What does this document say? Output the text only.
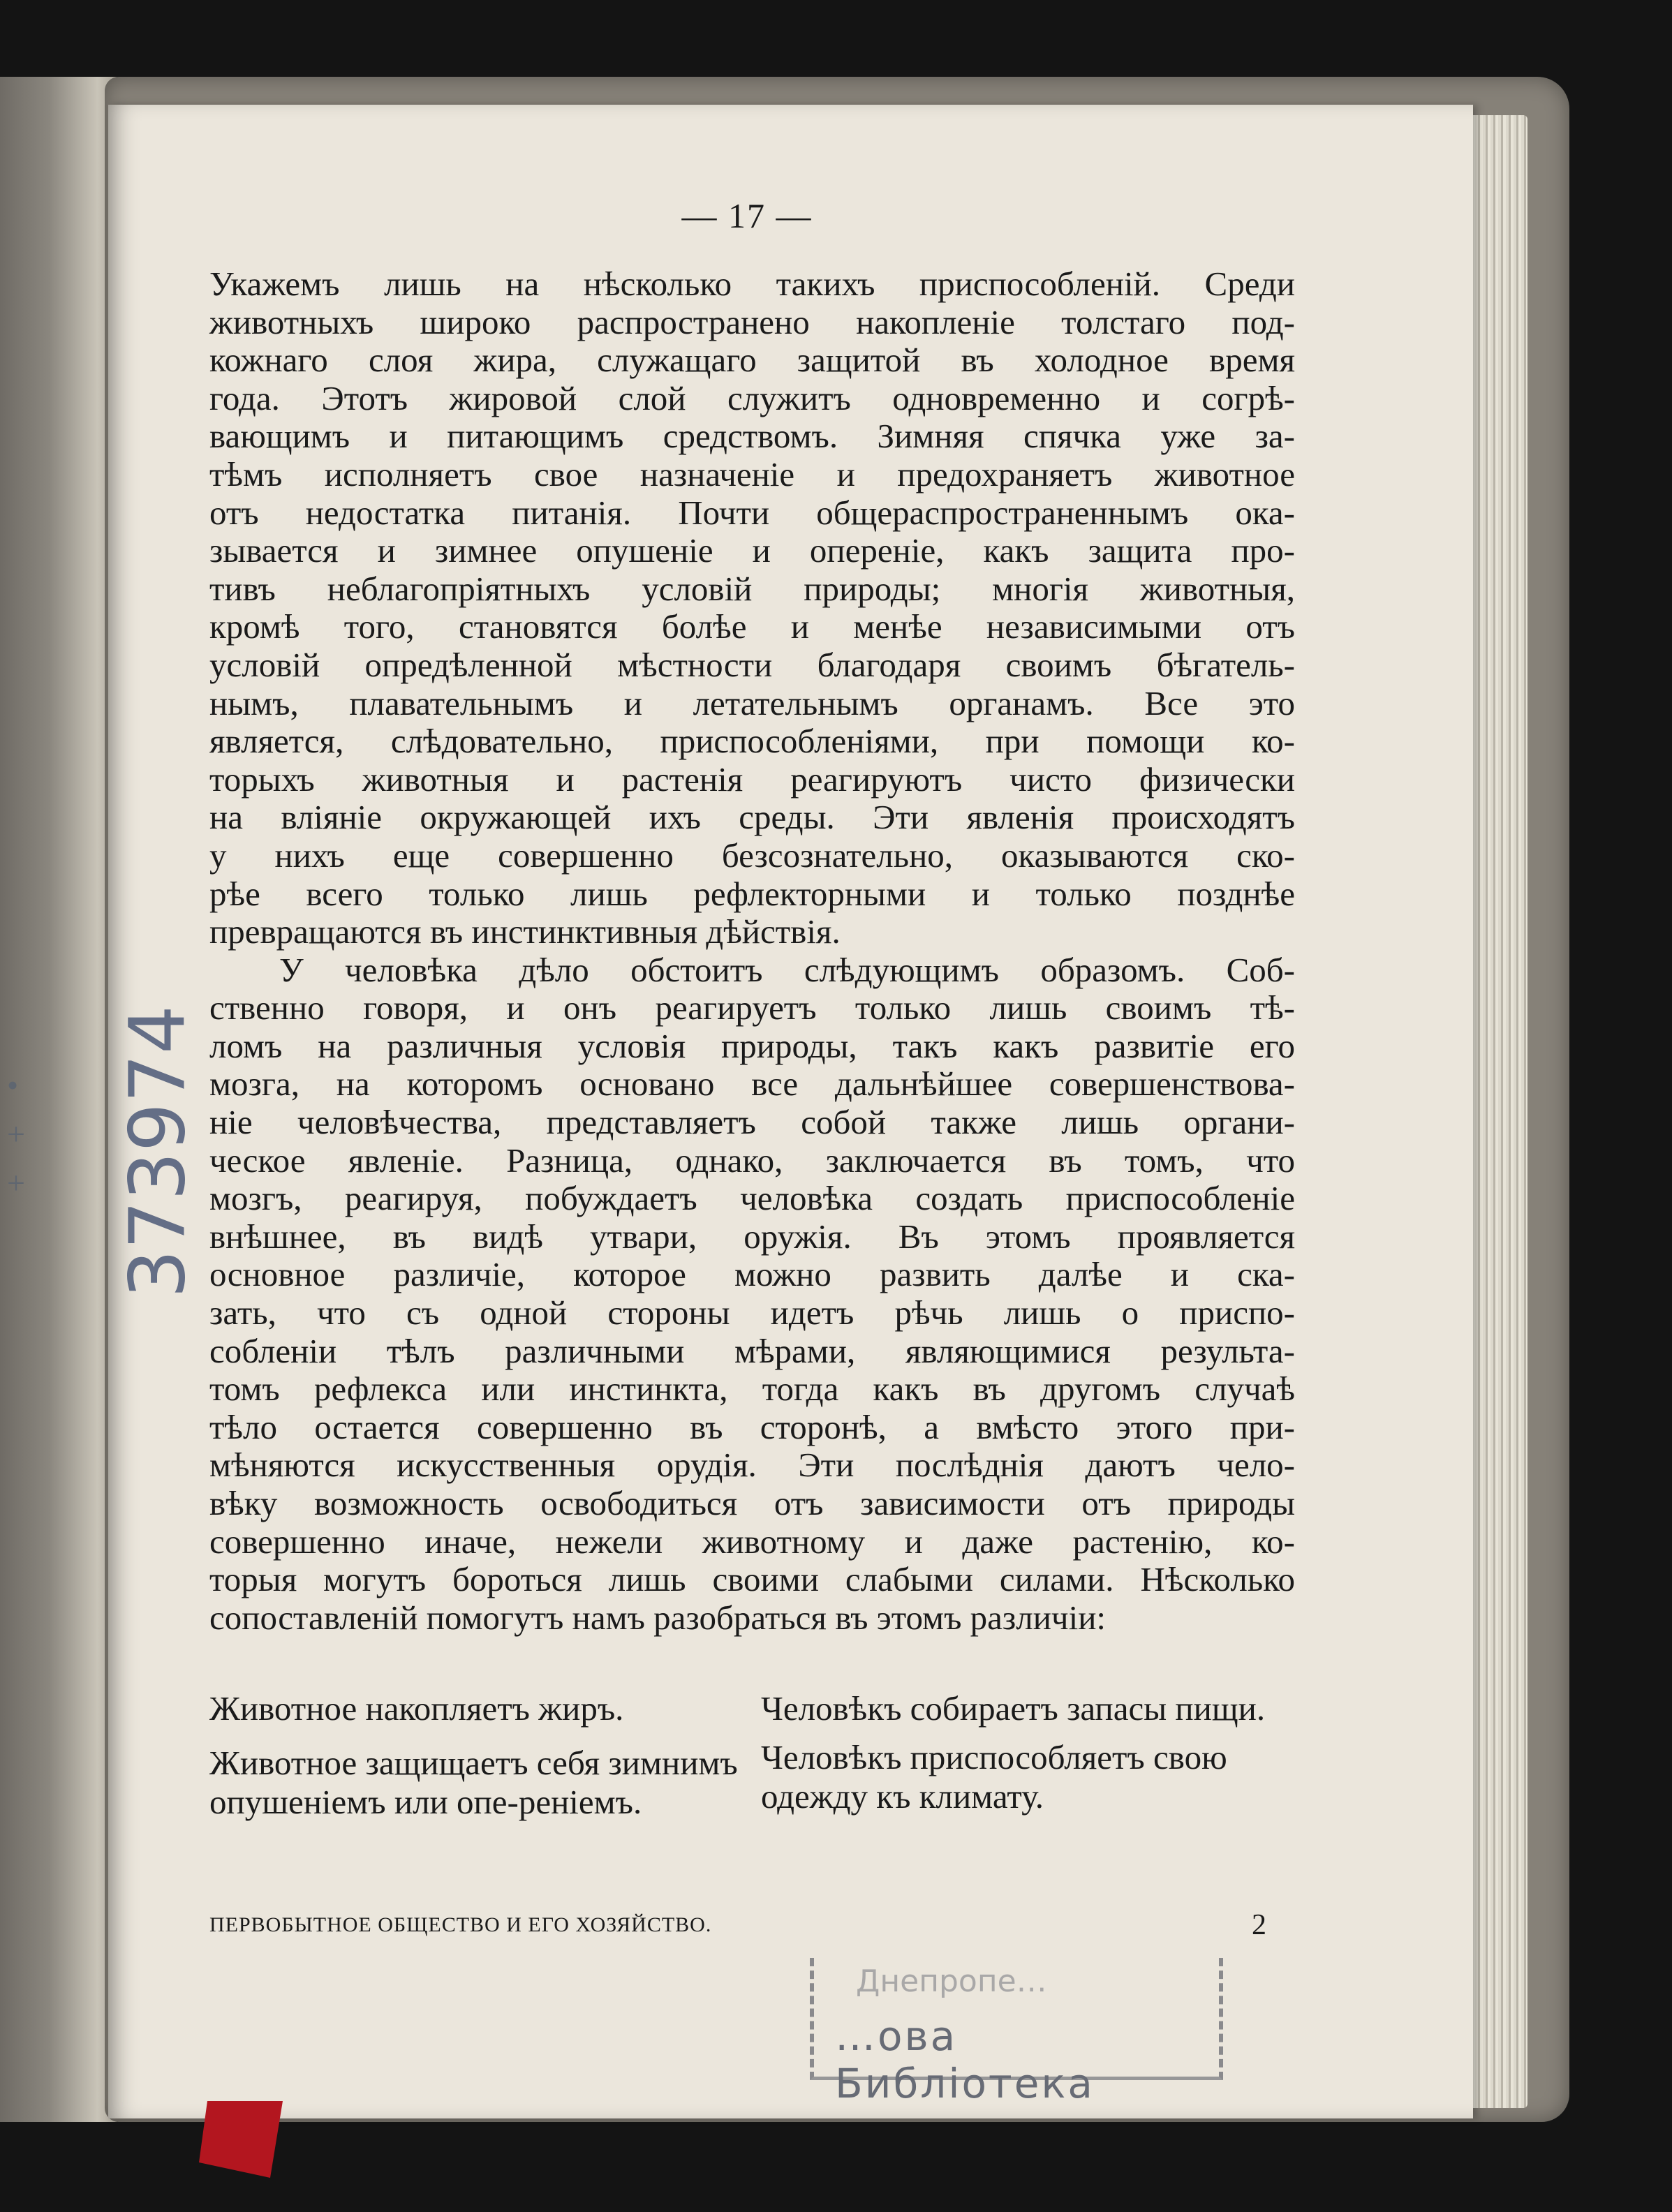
•
+
+	373974
— 17 —
Укажемъ лишь на нѣсколько такихъ приспособленій. Среди
животныхъ широко распространено накопленіе толстаго под-
кожнаго слоя жира, служащаго защитой въ холодное время
года. Этотъ жировой слой служитъ одновременно и согрѣ-
вающимъ и питающимъ средствомъ. Зимняя спячка уже за-
тѣмъ исполняетъ свое назначеніе и предохраняетъ животное
отъ недостатка питанія. Почти общераспространеннымъ ока-
зывается и зимнее опушеніе и опереніе, какъ защита про-
тивъ неблагопріятныхъ условій природы; многія животныя,
кромѣ того, становятся болѣе и менѣе независимыми отъ
условій опредѣленной мѣстности благодаря своимъ бѣгатель-
нымъ, плавательнымъ и летательнымъ органамъ. Все это
является, слѣдовательно, приспособленіями, при помощи ко-
торыхъ животныя и растенія реагируютъ чисто физически
на вліяніе окружающей ихъ среды. Эти явленія происходятъ
у нихъ еще совершенно безсознательно, оказываются ско-
рѣе всего только лишь рефлекторными и только позднѣе
превращаются въ инстинктивныя дѣйствія.
У человѣка дѣло обстоитъ слѣдующимъ образомъ. Соб-
ственно говоря, и онъ реагируетъ только лишь своимъ тѣ-
ломъ на различныя условія природы, такъ какъ развитіе его
мозга, на которомъ основано все дальнѣйшее совершенствова-
ніе человѣчества, представляетъ собой также лишь органи-
ческое явленіе. Разница, однако, заключается въ томъ, что
мозгъ, реагируя, побуждаетъ человѣка создать приспособленіе
внѣшнее, въ видѣ утвари, оружія. Въ этомъ проявляется
основное различіе, которое можно развить далѣе и ска-
зать, что съ одной стороны идетъ рѣчь лишь о приспо-
собленіи тѣлъ различными мѣрами, являющимися результа-
томъ рефлекса или инстинкта, тогда какъ въ другомъ случаѣ
тѣло остается совершенно въ сторонѣ, а вмѣсто этого при-
мѣняются искусственныя орудія. Эти послѣднія даютъ чело-
вѣку возможность освободиться отъ зависимости отъ природы
совершенно иначе, нежели животному и даже растенію, ко-
торыя могутъ бороться лишь своими слабыми силами. Нѣсколько
сопоставленій помогутъ намъ разобраться въ этомъ различіи:
Животное накопляетъ жиръ.
Животное защищаетъ себя зимнимъ опушеніемъ или опе-реніемъ.
Человѣкъ собираетъ запасы пищи.
Человѣкъ приспособляетъ свою одежду къ климату.
ПЕРВОБЫТНОЕ ОБЩЕСТВО И ЕГО ХОЗЯЙСТВО.	2
Днепропе…
…ова Библіотека
